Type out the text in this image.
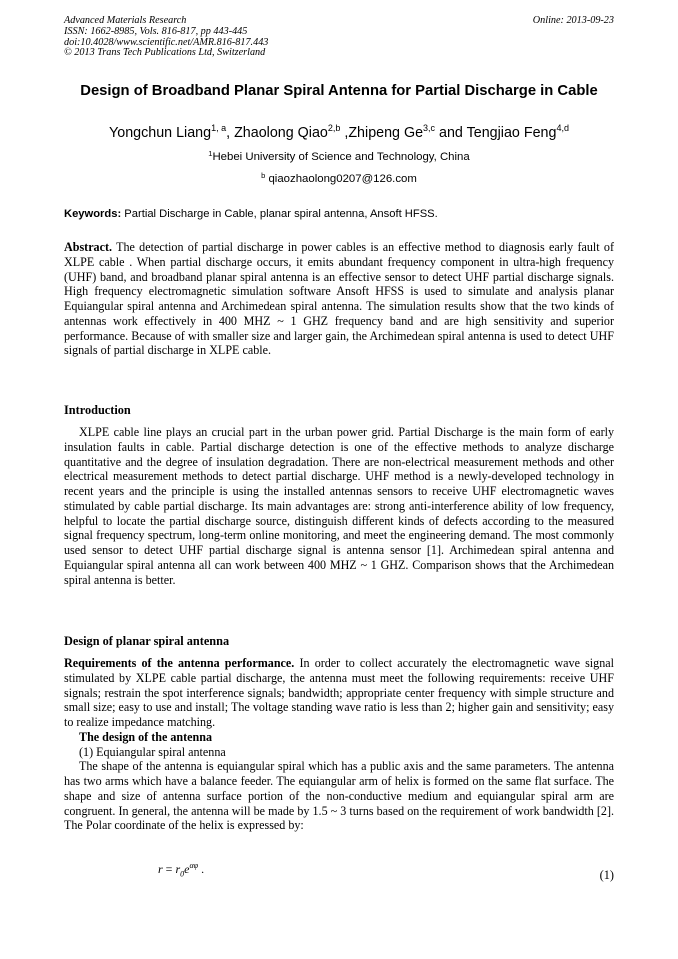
Advanced Materials Research
ISSN: 1662-8985, Vols. 816-817, pp 443-445
doi:10.4028/www.scientific.net/AMR.816-817.443
© 2013 Trans Tech Publications Ltd, Switzerland
Online: 2013-09-23
Design of Broadband Planar Spiral Antenna for Partial Discharge in Cable
Yongchun Liang$^{1, a}$, Zhaolong Qiao$^{2,b}$ ,Zhipeng Ge$^{3,c}$ and Tengjiao Feng$^{4,d}$
$^1$Hebei University of Science and Technology, China
$^b$ qiaozhaolong0207@126.com
Keywords: Partial Discharge in Cable, planar spiral antenna, Ansoft HFSS.

Abstract. The detection of partial discharge in power cables is an effective method to diagnosis early fault of XLPE cable . When partial discharge occurs, it emits abundant frequency component in ultra-high frequency (UHF) band, and broadband planar spiral antenna is an effective sensor to detect UHF partial discharge signals. High frequency electromagnetic simulation software Ansoft HFSS is used to simulate and analysis planar Equiangular spiral antenna and Archimedean spiral antenna. The simulation results show that the two kinds of antennas work effectively in 400 MHZ ~ 1 GHZ frequency band and are high sensitivity and superior performance. Because of with smaller size and larger gain, the Archimedean spiral antenna is used to detect UHF signals of partial discharge in XLPE cable.

Introduction

XLPE cable line plays an crucial part in the urban power grid. Partial Discharge is the main form of early insulation faults in cable. Partial discharge detection is one of the effective methods to analyze discharge quantitative and the degree of insulation degradation. There are non-electrical measurement methods and other electrical measurement methods to detect partial discharge. UHF method is a newly-developed technology in recent years and the principle is using the installed antennas sensors to receive UHF electromagnetic waves stimulated by cable partial discharge. Its main advantages are: strong anti-interference ability of low frequency, helpful to locate the partial discharge source, distinguish different kinds of defects according to the measured signal frequency spectrum, long-term online monitoring, and meet the engineering demand. The most commonly used sensor to detect UHF partial discharge signal is antenna sensor [1]. Archimedean spiral antenna and Equiangular spiral antenna all can work between 400 MHZ ~ 1 GHZ. Comparison shows that the Archimedean spiral antenna is better.

Design of planar spiral antenna

Requirements of the antenna performance. In order to collect accurately the electromagnetic wave signal stimulated by XLPE cable partial discharge, the antenna must meet the following requirements: receive UHF signals; restrain the spot interference signals; bandwidth; appropriate center frequency with simple structure and small size; easy to use and install; The voltage standing wave ratio is less than 2; higher gain and sensitivity; easy to realize impedance matching.

The design of the antenna

(1) Equiangular spiral antenna

The shape of the antenna is equiangular spiral which has a public axis and the same parameters. The antenna has two arms which have a balance feeder. The equiangular arm of helix is formed on the same flat surface. The shape and size of antenna surface portion of the non-conductive medium and equiangular spiral arm are congruent. In general, the antenna will be made by 1.5 ~ 3 turns based on the requirement of work bandwidth [2]. The Polar coordinate of the helix is expressed by:

$r = r_0e^{\alpha\varphi}$ .	(1)
